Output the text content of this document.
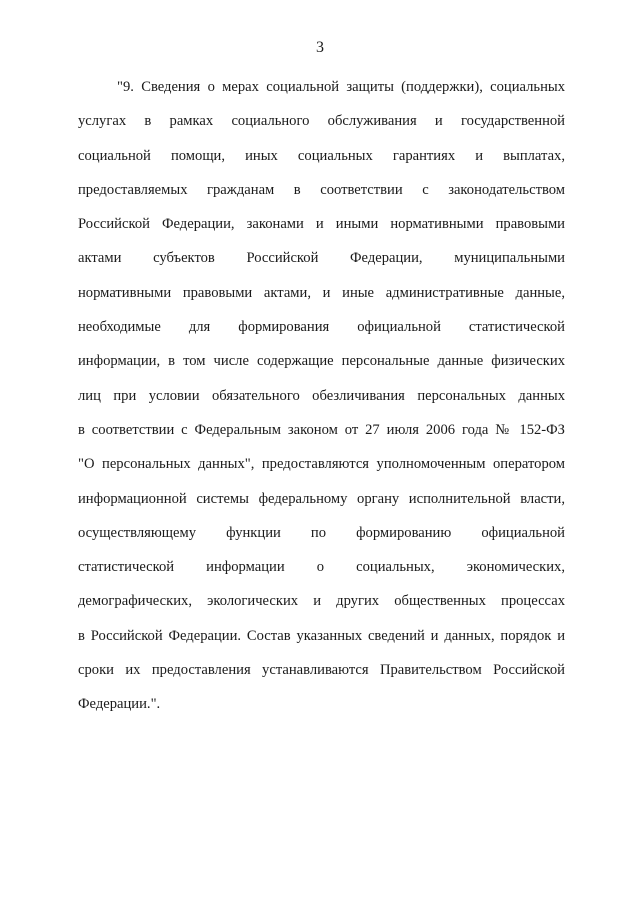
3
"9. Сведения о мерах социальной защиты (поддержки), социальных
услугах в рамках социального обслуживания и государственной
социальной помощи, иных социальных гарантиях и выплатах,
предоставляемых гражданам в соответствии с законодательством
Российской Федерации, законами и иными нормативными правовыми
актами субъектов Российской Федерации, муниципальными
нормативными правовыми актами, и иные административные данные,
необходимые для формирования официальной статистической
информации, в том числе содержащие персональные данные физических
лиц при условии обязательного обезличивания персональных данных
в соответствии с Федеральным законом от 27 июля 2006 года № 152-ФЗ
"О персональных данных", предоставляются уполномоченным оператором
информационной системы федеральному органу исполнительной власти,
осуществляющему функции по формированию официальной
статистической информации о социальных, экономических,
демографических, экологических и других общественных процессах
в Российской Федерации. Состав указанных сведений и данных, порядок и
сроки их предоставления устанавливаются Правительством Российской
Федерации.".
